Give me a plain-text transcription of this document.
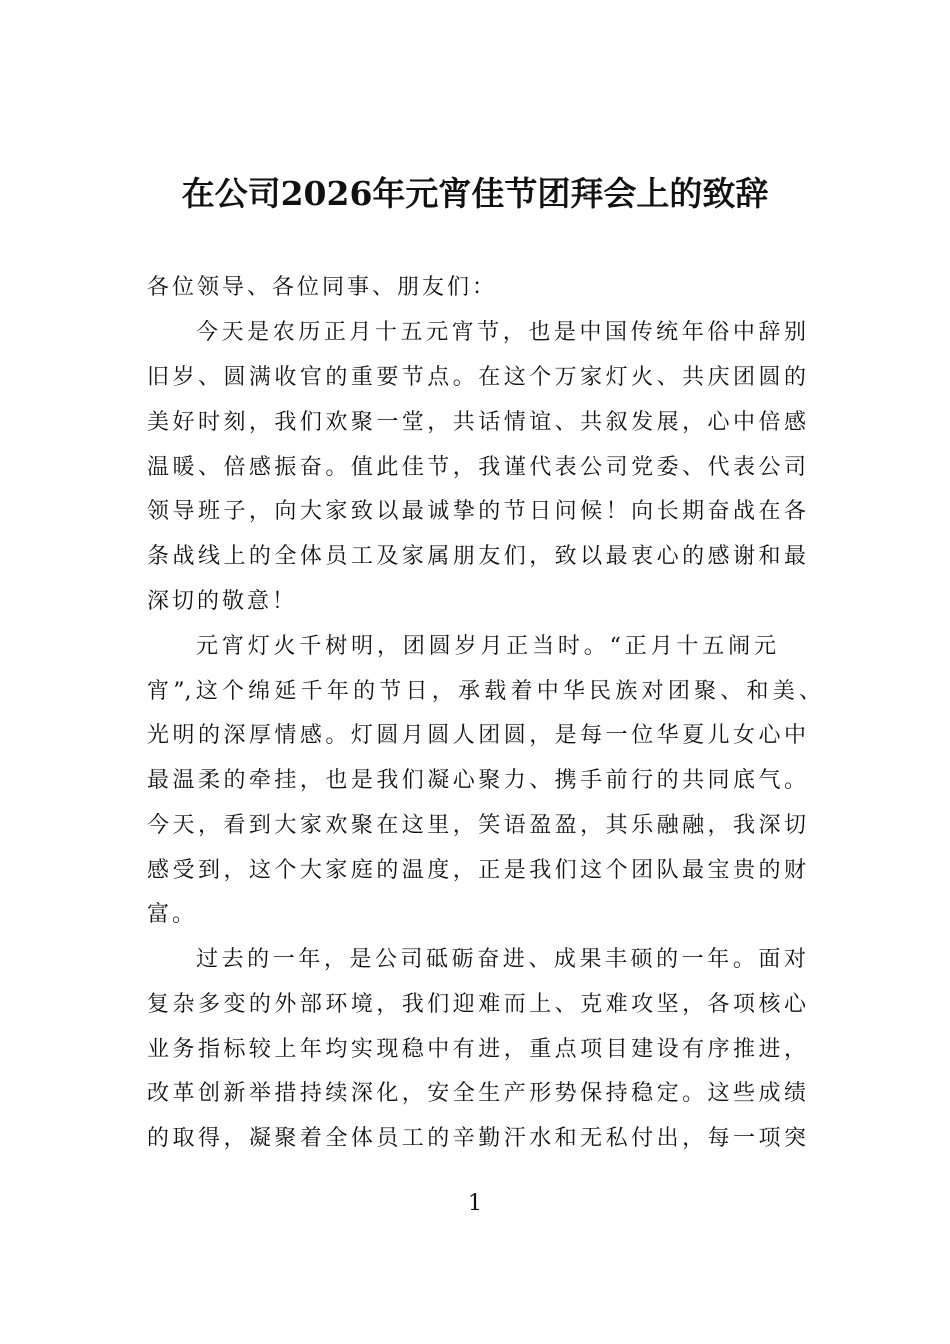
在公司2026年元宵佳节团拜会上的致辞
各位领导、各位同事、朋友们：
今天是农历正月十五元宵节，也是中国传统年俗中辞别
旧岁、圆满收官的重要节点。在这个万家灯火、共庆团圆的
美好时刻，我们欢聚一堂，共话情谊、共叙发展，心中倍感
温暖、倍感振奋。值此佳节，我谨代表公司党委、代表公司
领导班子，向大家致以最诚挚的节日问候！向长期奋战在各
条战线上的全体员工及家属朋友们，致以最衷心的感谢和最
深切的敬意！
元宵灯火千树明，团圆岁月正当时。“正月十五闹元
宵”,这个绵延千年的节日，承载着中华民族对团聚、和美、
光明的深厚情感。灯圆月圆人团圆，是每一位华夏儿女心中
最温柔的牵挂，也是我们凝心聚力、携手前行的共同底气。
今天，看到大家欢聚在这里，笑语盈盈，其乐融融，我深切
感受到，这个大家庭的温度，正是我们这个团队最宝贵的财
富。
过去的一年，是公司砥砺奋进、成果丰硕的一年。面对
复杂多变的外部环境，我们迎难而上、克难攻坚，各项核心
业务指标较上年均实现稳中有进，重点项目建设有序推进，
改革创新举措持续深化，安全生产形势保持稳定。这些成绩
的取得，凝聚着全体员工的辛勤汗水和无私付出，每一项突
1
